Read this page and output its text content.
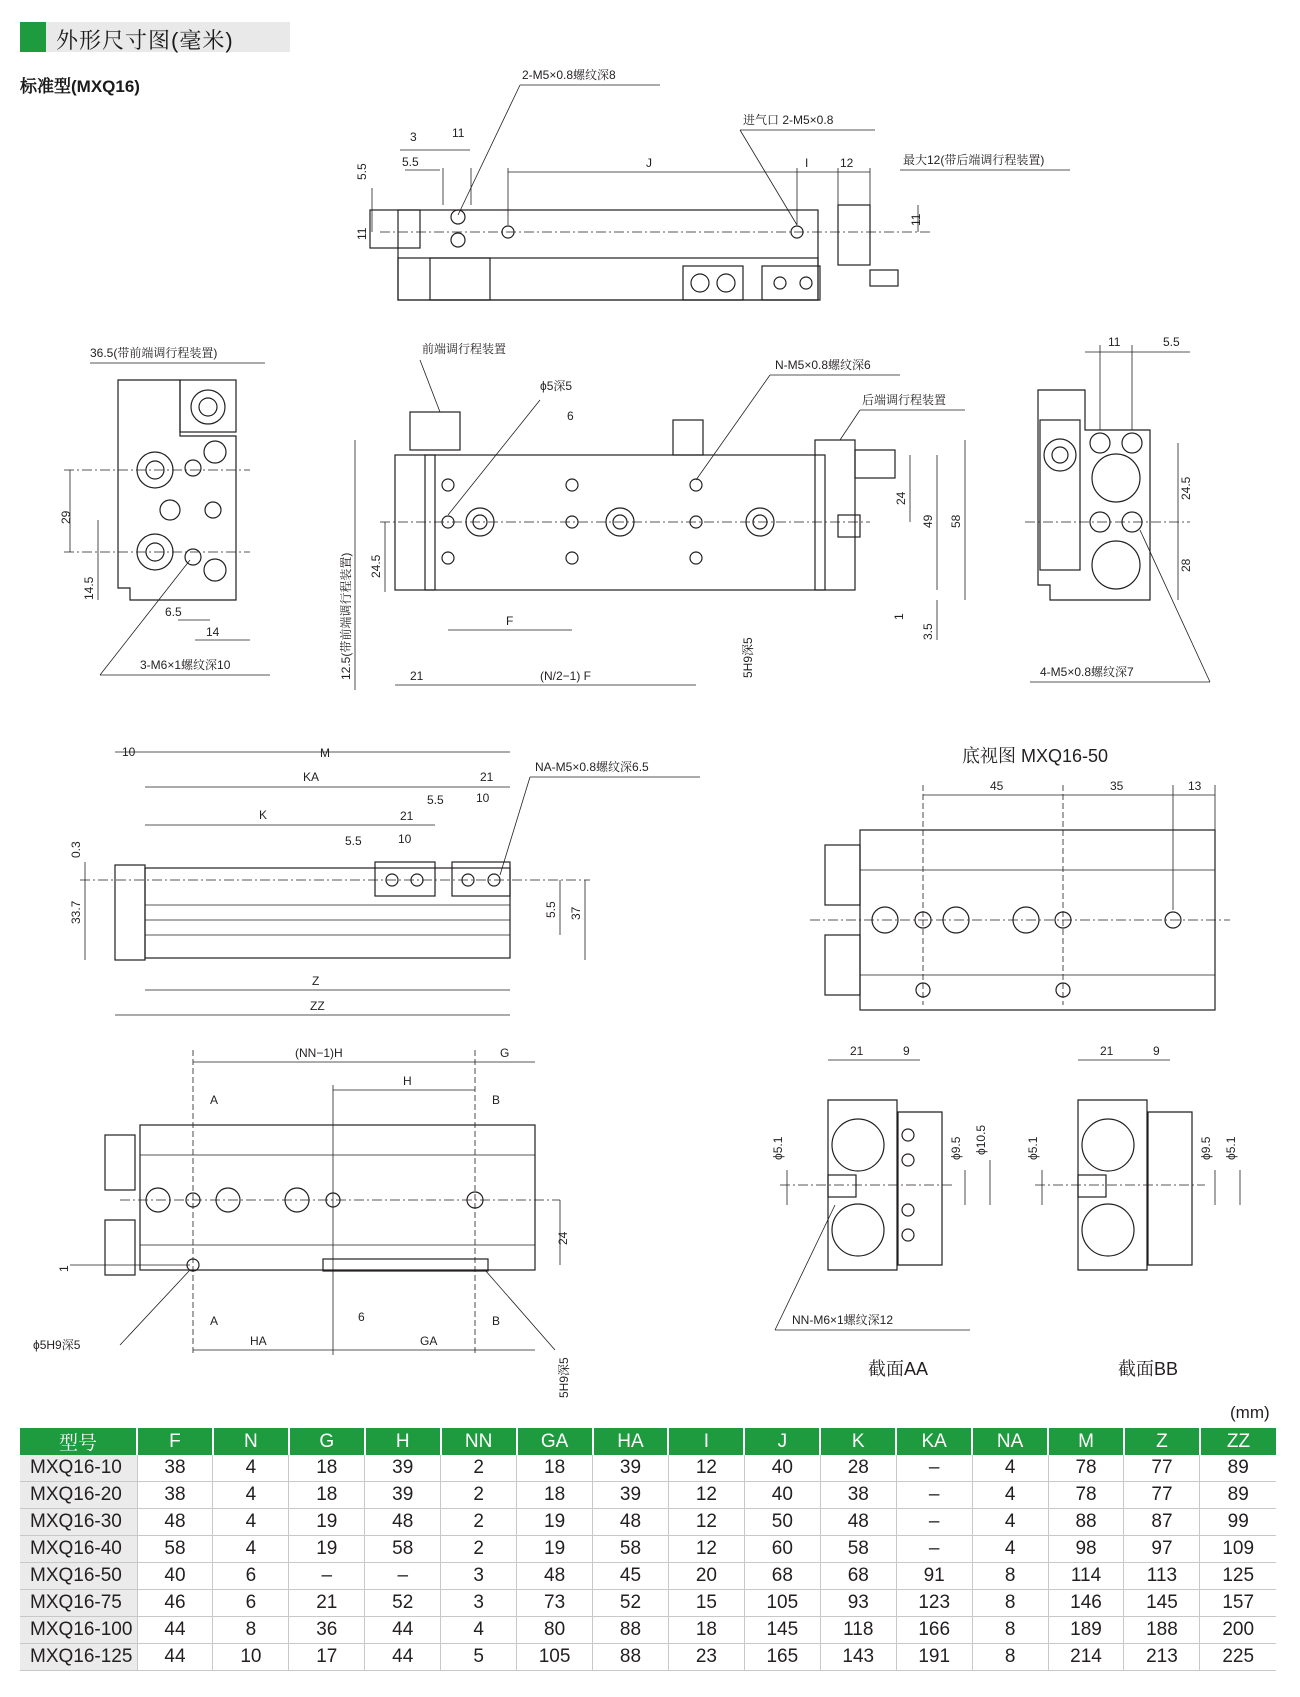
外形尺寸图(毫米)
标准型(MXQ16)
2-M5×0.8螺纹深8
进气口 2-M5×0.8
最大12(带后端调行程装置)
3	11
5.5	J	I	12
5.5
11
11
36.5(带前端调行程装置)
3-M6×1螺纹深10
29
14.5
6.5
14
前端调行程装置
N-M5×0.8螺纹深6
后端调行程装置
12.5(带前端调行程装置)
ϕ5深5
5H9深5
6
24.5
24
49 58
1
3.5
F
21	(N/2−1) F	4-M5×0.8螺纹深7
11	5.5
24.5
28
NA-M5×0.8螺纹深6.5
10	M
KA	21
5.5	10
K	21
5.5	10
0.3
33.7	5.5 37
Z
ZZ
(NN−1)H	G
H
A	B
24
1
A	6	B
HA	GA
ϕ5H9深5
5H9深5
底视图 MXQ16-50
45	35	13
21	9
ϕ5.1	ϕ9.5 ϕ10.5
NN-M6×1螺纹深12
截面AA
21	9
ϕ5.1	ϕ9.5 ϕ5.1
截面BB
(mm)
型号	F	N	G	H	NN	GA	HA	I	J	K	KA	NA	M	Z	ZZ
MXQ16-10	38	4	18	39	2	18	39	12	40	28	–	4	78	77	89
MXQ16-20	38	4	18	39	2	18	39	12	40	38	–	4	78	77	89
MXQ16-30	48	4	19	48	2	19	48	12	50	48	–	4	88	87	99
MXQ16-40	58	4	19	58	2	19	58	12	60	58	–	4	98	97	109
MXQ16-50	40	6	–	–	3	48	45	20	68	68	91	8	114	113	125
MXQ16-75	46	6	21	52	3	73	52	15	105	93	123	8	146	145	157
MXQ16-100	44	8	36	44	4	80	88	18	145	118	166	8	189	188	200
MXQ16-125	44	10	17	44	5	105	88	23	165	143	191	8	214	213	225
